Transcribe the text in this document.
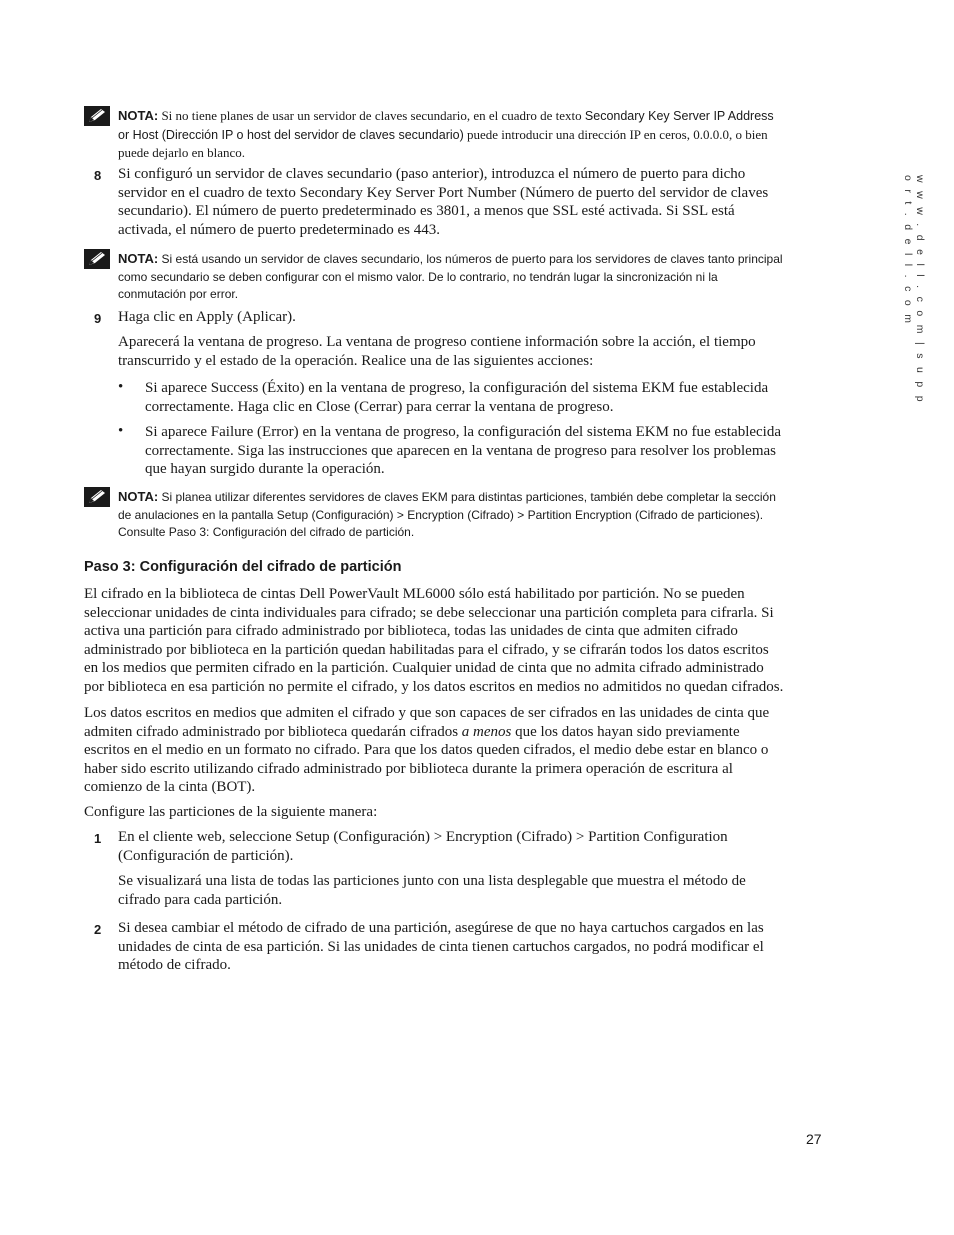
NOTA: Si no tiene planes de usar un servidor de claves secundario, en el cuadro de texto Secondary Key Server IP Address or Host (Dirección IP o host del servidor de claves secundario) puede introducir una dirección IP en ceros, 0.0.0.0, o bien puede dejarlo en blanco.
8 Si configuró un servidor de claves secundario (paso anterior), introduzca el número de puerto para dicho servidor en el cuadro de texto Secondary Key Server Port Number (Número de puerto del servidor de claves secundario). El número de puerto predeterminado es 3801, a menos que SSL esté activada. Si SSL está activada, el número de puerto predeterminado es 443.
NOTA: Si está usando un servidor de claves secundario, los números de puerto para los servidores de claves tanto principal como secundario se deben configurar con el mismo valor. De lo contrario, no tendrán lugar la sincronización ni la conmutación por error.
9 Haga clic en Apply (Aplicar).
Aparecerá la ventana de progreso. La ventana de progreso contiene información sobre la acción, el tiempo transcurrido y el estado de la operación. Realice una de las siguientes acciones:
• Si aparece Success (Éxito) en la ventana de progreso, la configuración del sistema EKM fue establecida correctamente. Haga clic en Close (Cerrar) para cerrar la ventana de progreso.
• Si aparece Failure (Error) en la ventana de progreso, la configuración del sistema EKM no fue establecida correctamente. Siga las instrucciones que aparecen en la ventana de progreso para resolver los problemas que hayan surgido durante la operación.
NOTA: Si planea utilizar diferentes servidores de claves EKM para distintas particiones, también debe completar la sección de anulaciones en la pantalla Setup (Configuración) > Encryption (Cifrado) > Partition Encryption (Cifrado de particiones). Consulte Paso 3: Configuración del cifrado de partición.
Paso 3: Configuración del cifrado de partición
El cifrado en la biblioteca de cintas Dell PowerVault ML6000 sólo está habilitado por partición. No se pueden seleccionar unidades de cinta individuales para cifrado; se debe seleccionar una partición completa para cifrarla. Si activa una partición para cifrado administrado por biblioteca, todas las unidades de cinta que admiten cifrado administrado por biblioteca en la partición quedan habilitadas para el cifrado, y se cifrarán todos los datos escritos en los medios que permiten cifrado en la partición. Cualquier unidad de cinta que no admita cifrado administrado por biblioteca en esa partición no permite el cifrado, y los datos escritos en medios no admitidos no quedan cifrados.
Los datos escritos en medios que admiten el cifrado y que son capaces de ser cifrados en las unidades de cinta que admiten cifrado administrado por biblioteca quedarán cifrados a menos que los datos hayan sido previamente escritos en el medio en un formato no cifrado. Para que los datos queden cifrados, el medio debe estar en blanco o haber sido escrito utilizando cifrado administrado por biblioteca durante la primera operación de escritura al comienzo de la cinta (BOT).
Configure las particiones de la siguiente manera:
1 En el cliente web, seleccione Setup (Configuración) > Encryption (Cifrado) > Partition Configuration (Configuración de partición).
Se visualizará una lista de todas las particiones junto con una lista desplegable que muestra el método de cifrado para cada partición.
2 Si desea cambiar el método de cifrado de una partición, asegúrese de que no haya cartuchos cargados en las unidades de cinta de esa partición. Si las unidades de cinta tienen cartuchos cargados, no podrá modificar el método de cifrado.
w w w . d e l l . c o m | s u p p o r t . d e l l . c o m
27
